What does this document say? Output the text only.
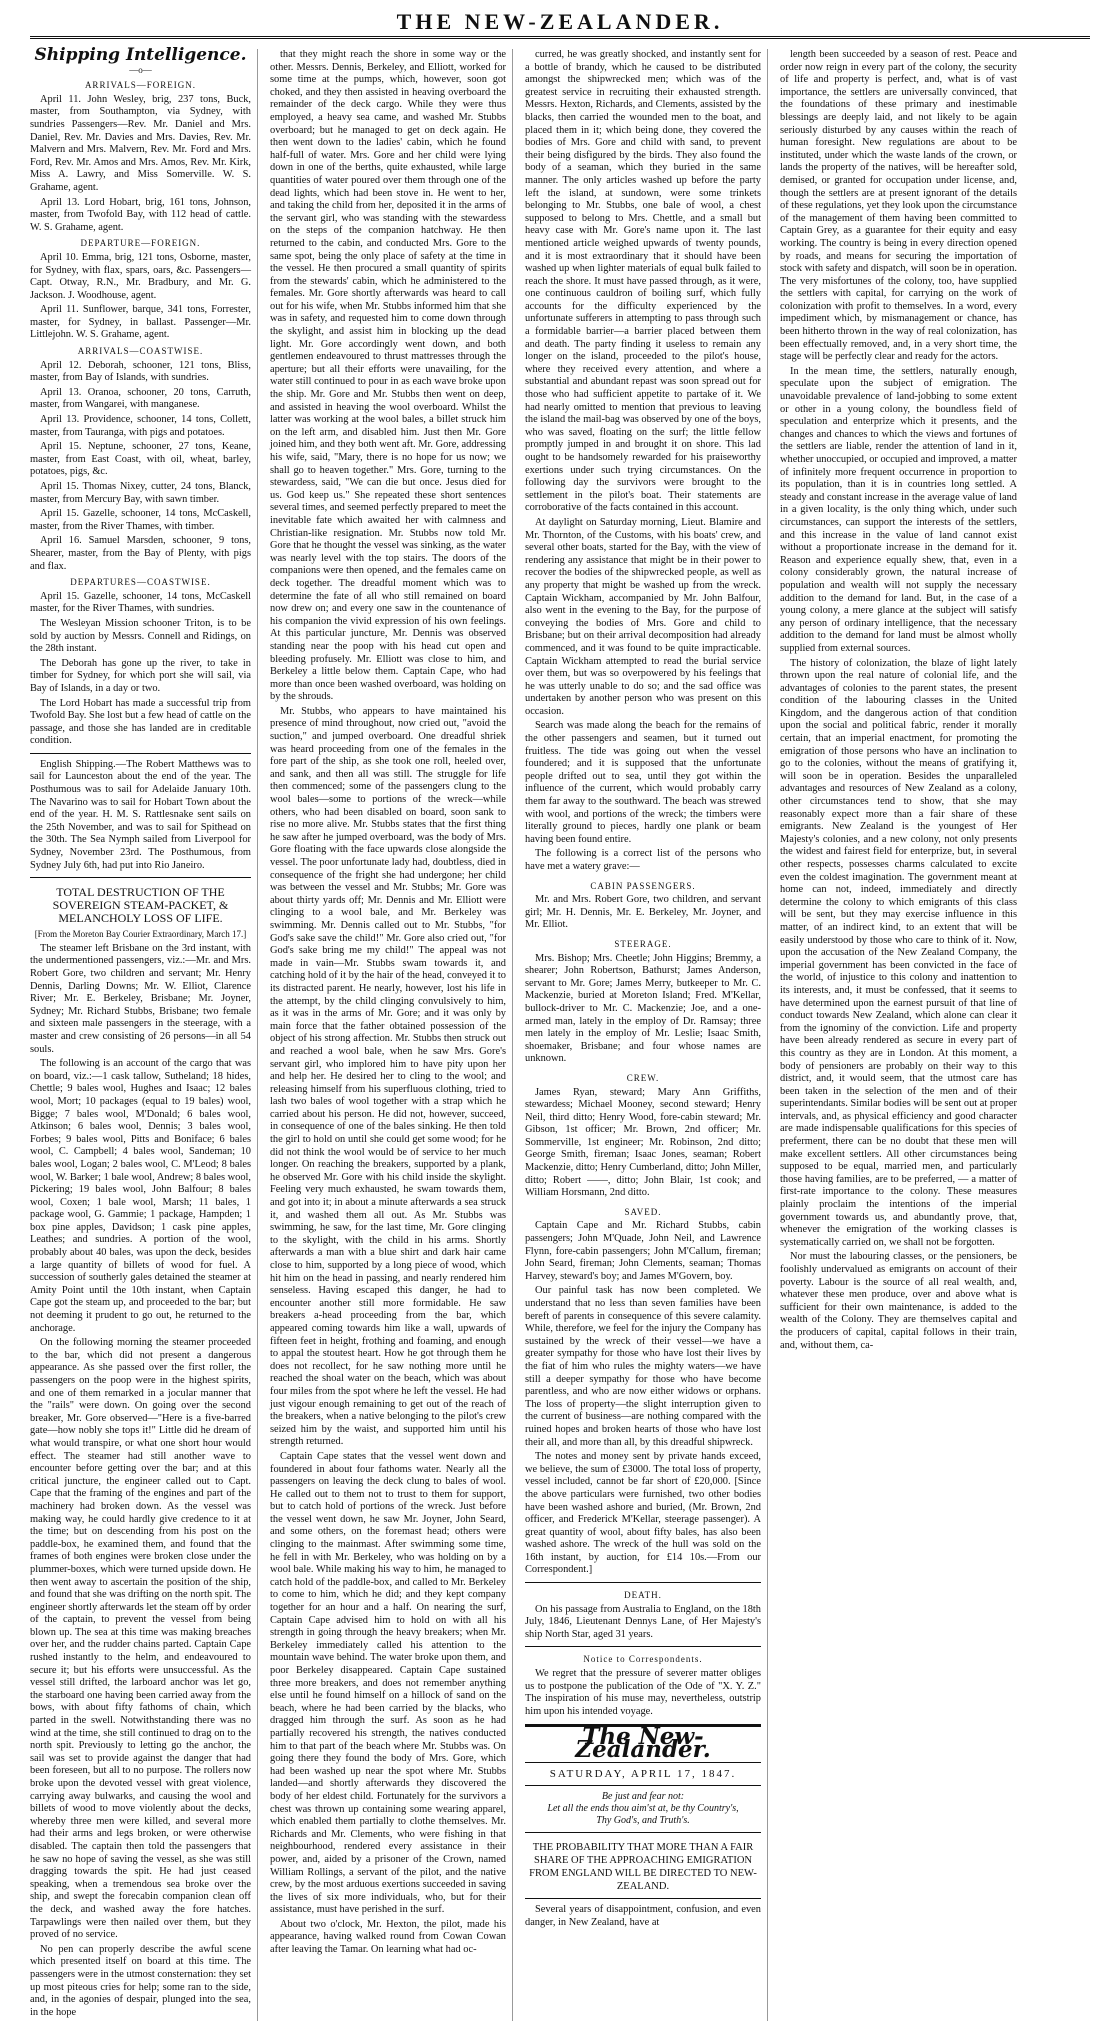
THE NEW-ZEALANDER.
Shipping Intelligence.
—o—
ARRIVALS—FOREIGN.

April 11. John Wesley, brig, 237 tons, Buck, master, from Southampton, via Sydney, with sundries Passengers—Rev. Mr. Daniel and Mrs. Daniel, Rev. Mr. Davies and Mrs. Davies, Rev. Mr. Malvern and Mrs. Malvern, Rev. Mr. Ford and Mrs. Ford, Rev. Mr. Amos and Mrs. Amos, Rev. Mr. Kirk, Miss A. Lawry, and Miss Somerville. W. S. Grahame, agent.

April 13. Lord Hobart, brig, 161 tons, Johnson, master, from Twofold Bay, with 112 head of cattle. W. S. Grahame, agent.

DEPARTURE—FOREIGN.

April 10. Emma, brig, 121 tons, Osborne, master, for Sydney, with flax, spars, oars, &c. Passengers—Capt. Otway, R.N., Mr. Bradbury, and Mr. G. Jackson. J. Woodhouse, agent.

April 11. Sunflower, barque, 341 tons, Forrester, master, for Sydney, in ballast. Passenger—Mr. Littlejohn. W. S. Grahame, agent.

ARRIVALS—COASTWISE.

April 12. Deborah, schooner, 121 tons, Bliss, master, from Bay of Islands, with sundries.

April 13. Oranoa, schooner, 20 tons, Carruth, master, from Wangarei, with manganese.

April 13. Providence, schooner, 14 tons, Collett, master, from Tauranga, with pigs and potatoes.

April 15. Neptune, schooner, 27 tons, Keane, master, from East Coast, with oil, wheat, barley, potatoes, pigs, &c.

April 15. Thomas Nixey, cutter, 24 tons, Blanck, master, from Mercury Bay, with sawn timber.

April 15. Gazelle, schooner, 14 tons, McCaskell, master, from the River Thames, with timber.

April 16. Samuel Marsden, schooner, 9 tons, Shearer, master, from the Bay of Plenty, with pigs and flax.

DEPARTURES—COASTWISE.

April 15. Gazelle, schooner, 14 tons, McCaskell master, for the River Thames, with sundries.

The Wesleyan Mission schooner Triton, is to be sold by auction by Messrs. Connell and Ridings, on the 28th instant.

The Deborah has gone up the river, to take in timber for Sydney, for which port she will sail, via Bay of Islands, in a day or two.

The Lord Hobart has made a successful trip from Twofold Bay. She lost but a few head of cattle on the passage, and those she has landed are in creditable condition.

English Shipping.—The Robert Matthews was to sail for Launceston about the end of the year. The Posthumous was to sail for Adelaide January 10th. The Navarino was to sail for Hobart Town about the end of the year. H. M. S. Rattlesnake sent sails on the 25th November, and was to sail for Spithead on the 30th. The Sea Nymph sailed from Liverpool for Sydney, November 23rd. The Posthumous, from Sydney July 6th, had put into Rio Janeiro.

TOTAL DESTRUCTION OF THE SOVEREIGN STEAM-PACKET, & MELANCHOLY LOSS OF LIFE.
[From the Moreton Bay Courier Extraordinary, March 17.]

The steamer left Brisbane on the 3rd instant, with the undermentioned passengers, viz.:—Mr. and Mrs. Robert Gore, two children and servant; Mr. Henry Dennis, Darling Downs; Mr. W. Elliot, Clarence River; Mr. E. Berkeley, Brisbane; Mr. Joyner, Sydney; Mr. Richard Stubbs, Brisbane; two female and sixteen male passengers in the steerage, with a master and crew consisting of 26 persons—in all 54 souls.

The following is an account of the cargo that was on board, viz.:—1 cask tallow, Sutheland; 18 hides, Chettle; 9 bales wool, Hughes and Isaac; 12 bales wool, Mort; 10 packages (equal to 19 bales) wool, Bigge; 7 bales wool, M'Donald; 6 bales wool, Atkinson; 6 bales wool, Dennis; 3 bales wool, Forbes; 9 bales wool, Pitts and Boniface; 6 bales wool, C. Campbell; 4 bales wool, Sandeman; 10 bales wool, Logan; 2 bales wool, C. M'Leod; 8 bales wool, W. Barker; 1 bale wool, Andrew; 8 bales wool, Pickering; 19 bales wool, John Balfour; 8 bales wool, Coxen; 1 bale wool, Marsh; 11 bales, 1 package wool, G. Gammie; 1 package, Hampden; 1 box pine apples, Davidson; 1 cask pine apples, Leathes; and sundries. A portion of the wool, probably about 40 bales, was upon the deck, besides a large quantity of billets of wood for fuel. A succession of southerly gales detained the steamer at Amity Point until the 10th instant, when Captain Cape got the steam up, and proceeded to the bar; but not deeming it prudent to go out, he returned to the anchorage.

On the following morning the steamer proceeded to the bar, which did not present a dangerous appearance. As she passed over the first roller, the passengers on the poop were in the highest spirits, and one of them remarked in a jocular manner that the "rails" were down. On going over the second breaker, Mr. Gore observed—"Here is a five-barred gate—how nobly she tops it!" Little did he dream of what would transpire, or what one short hour would effect. The steamer had still another wave to encounter before getting over the bar; and at this critical juncture, the engineer called out to Capt. Cape that the framing of the engines and part of the machinery had broken down. As the vessel was making way, he could hardly give credence to it at the time; but on descending from his post on the paddle-box, he examined them, and found that the frames of both engines were broken close under the plummer-boxes, which were turned upside down. He then went away to ascertain the position of the ship, and found that she was drifting on the north spit. The engineer shortly afterwards let the steam off by order of the captain, to prevent the vessel from being blown up. The sea at this time was making breaches over her, and the rudder chains parted. Captain Cape rushed instantly to the helm, and endeavoured to secure it; but his efforts were unsuccessful. As the vessel still drifted, the larboard anchor was let go, the starboard one having been carried away from the bows, with about fifty fathoms of chain, which parted in the swell. Notwithstanding there was no wind at the time, she still continued to drag on to the north spit. Previously to letting go the anchor, the sail was set to provide against the danger that had been foreseen, but all to no purpose. The rollers now broke upon the devoted vessel with great violence, carrying away bulwarks, and causing the wool and billets of wood to move violently about the decks, whereby three men were killed, and several more had their arms and legs broken, or were otherwise disabled. The captain then told the passengers that he saw no hope of saving the vessel, as she was still dragging towards the spit. He had just ceased speaking, when a tremendous sea broke over the ship, and swept the forecabin companion clean off the deck, and washed away the fore hatches. Tarpawlings were then nailed over them, but they proved of no service.

No pen can properly describe the awful scene which presented itself on board at this time. The passengers were in the utmost consternation: they set up most piteous cries for help; some ran to the side, and, in the agonies of despair, plunged into the sea, in the hope

that they might reach the shore in some way or the other. Messrs. Dennis, Berkeley, and Elliott, worked for some time at the pumps, which, however, soon got choked, and they then assisted in heaving overboard the remainder of the deck cargo. While they were thus employed, a heavy sea came, and washed Mr. Stubbs overboard; but he managed to get on deck again. He then went down to the ladies' cabin, which he found half-full of water. Mrs. Gore and her child were lying down in one of the berths, quite exhausted, while large quantities of water poured over them through one of the dead lights, which had been stove in. He went to her, and taking the child from her, deposited it in the arms of the servant girl, who was standing with the stewardess on the steps of the companion hatchway. He then returned to the cabin, and conducted Mrs. Gore to the same spot, being the only place of safety at the time in the vessel. He then procured a small quantity of spirits from the stewards' cabin, which he administered to the females. Mr. Gore shortly afterwards was heard to call out for his wife, when Mr. Stubbs informed him that she was in safety, and requested him to come down through the skylight, and assist him in blocking up the dead light. Mr. Gore accordingly went down, and both gentlemen endeavoured to thrust mattresses through the aperture; but all their efforts were unavailing, for the water still continued to pour in as each wave broke upon the ship. Mr. Gore and Mr. Stubbs then went on deep, and assisted in heaving the wool overboard. Whilst the latter was working at the wool bales, a billet struck him on the left arm, and disabled him. Just then Mr. Gore joined him, and they both went aft. Mr. Gore, addressing his wife, said, "Mary, there is no hope for us now; we shall go to heaven together." Mrs. Gore, turning to the stewardess, said, "We can die but once. Jesus died for us. God keep us." She repeated these short sentences several times, and seemed perfectly prepared to meet the inevitable fate which awaited her with calmness and Christian-like resignation. Mr. Stubbs now told Mr. Gore that he thought the vessel was sinking, as the water was nearly level with the top stairs. The doors of the companions were then opened, and the females came on deck together. The dreadful moment which was to determine the fate of all who still remained on board now drew on; and every one saw in the countenance of his companion the vivid expression of his own feelings. At this particular juncture, Mr. Dennis was observed standing near the poop with his head cut open and bleeding profusely. Mr. Elliott was close to him, and Berkeley a little below them. Captain Cape, who had more than once been washed overboard, was holding on by the shrouds.

Mr. Stubbs, who appears to have maintained his presence of mind throughout, now cried out, "avoid the suction," and jumped overboard. One dreadful shriek was heard proceeding from one of the females in the fore part of the ship, as she took one roll, heeled over, and sank, and then all was still. The struggle for life then commenced; some of the passengers clung to the wool bales—some to portions of the wreck—while others, who had been disabled on board, soon sank to rise no more alive. Mr. Stubbs states that the first thing he saw after he jumped overboard, was the body of Mrs. Gore floating with the face upwards close alongside the vessel. The poor unfortunate lady had, doubtless, died in consequence of the fright she had undergone; her child was between the vessel and Mr. Stubbs; Mr. Gore was about thirty yards off; Mr. Dennis and Mr. Elliott were clinging to a wool bale, and Mr. Berkeley was swimming. Mr. Dennis called out to Mr. Stubbs, "for God's sake save the child!" Mr. Gore also cried out, "for God's sake bring me my child!" The appeal was not made in vain—Mr. Stubbs swam towards it, and catching hold of it by the hair of the head, conveyed it to its distracted parent. He nearly, however, lost his life in the attempt, by the child clinging convulsively to him, as it was in the arms of Mr. Gore; and it was only by main force that the father obtained possession of the object of his strong affection. Mr. Stubbs then struck out and reached a wool bale, when he saw Mrs. Gore's servant girl, who implored him to have pity upon her and help her. He desired her to cling to the wool; and releasing himself from his superfluous clothing, tried to lash two bales of wool together with a strap which he carried about his person. He did not, however, succeed, in consequence of one of the bales sinking. He then told the girl to hold on until she could get some wood; for he did not think the wool would be of service to her much longer. On reaching the breakers, supported by a plank, he observed Mr. Gore with his child inside the skylight. Feeling very much exhausted, he swam towards them, and got into it; in about a minute afterwards a sea struck it, and washed them all out. As Mr. Stubbs was swimming, he saw, for the last time, Mr. Gore clinging to the skylight, with the child in his arms. Shortly afterwards a man with a blue shirt and dark hair came close to him, supported by a long piece of wood, which hit him on the head in passing, and nearly rendered him senseless. Having escaped this danger, he had to encounter another still more formidable. He saw breakers a-head proceeding from the bar, which appeared coming towards him like a wall, upwards of fifteen feet in height, frothing and foaming, and enough to appal the stoutest heart. How he got through them he does not recollect, for he saw nothing more until he reached the shoal water on the beach, which was about four miles from the spot where he left the vessel. He had just vigour enough remaining to get out of the reach of the breakers, when a native belonging to the pilot's crew seized him by the waist, and supported him until his strength returned.

Captain Cape states that the vessel went down and foundered in about four fathoms water. Nearly all the passengers on leaving the deck clung to bales of wool. He called out to them not to trust to them for support, but to catch hold of portions of the wreck. Just before the vessel went down, he saw Mr. Joyner, John Seard, and some others, on the foremast head; others were clinging to the mainmast. After swimming some time, he fell in with Mr. Berkeley, who was holding on by a wool bale. While making his way to him, he managed to catch hold of the paddle-box, and called to Mr. Berkeley to come to him, which he did; and they kept company together for an hour and a half. On nearing the surf, Captain Cape advised him to hold on with all his strength in going through the heavy breakers; when Mr. Berkeley immediately called his attention to the mountain wave behind. The water broke upon them, and poor Berkeley disappeared. Captain Cape sustained three more breakers, and does not remember anything else until he found himself on a hillock of sand on the beach, where he had been carried by the blacks, who dragged him through the surf. As soon as he had partially recovered his strength, the natives conducted him to that part of the beach where Mr. Stubbs was. On going there they found the body of Mrs. Gore, which had been washed up near the spot where Mr. Stubbs landed—and shortly afterwards they discovered the body of her eldest child. Fortunately for the survivors a chest was thrown up containing some wearing apparel, which enabled them partially to clothe themselves. Mr. Richards and Mr. Clements, who were fishing in that neighbourhood, rendered every assistance in their power, and, aided by a prisoner of the Crown, named William Rollings, a servant of the pilot, and the native crew, by the most arduous exertions succeeded in saving the lives of six more individuals, who, but for their assistance, must have perished in the surf.

About two o'clock, Mr. Hexton, the pilot, made his appearance, having walked round from Cowan Cowan after leaving the Tamar. On learning what had oc-

curred, he was greatly shocked, and instantly sent for a bottle of brandy, which he caused to be distributed amongst the shipwrecked men; which was of the greatest service in recruiting their exhausted strength. Messrs. Hexton, Richards, and Clements, assisted by the blacks, then carried the wounded men to the boat, and placed them in it; which being done, they covered the bodies of Mrs. Gore and child with sand, to prevent their being disfigured by the birds. They also found the body of a seaman, which they buried in the same manner. The only articles washed up before the party left the island, at sundown, were some trinkets belonging to Mr. Stubbs, one bale of wool, a chest supposed to belong to Mrs. Chettle, and a small but heavy case with Mr. Gore's name upon it. The last mentioned article weighed upwards of twenty pounds, and it is most extraordinary that it should have been washed up when lighter materials of equal bulk failed to reach the shore. It must have passed through, as it were, one continuous cauldron of boiling surf, which fully accounts for the difficulty experienced by the unfortunate sufferers in attempting to pass through such a formidable barrier—a barrier placed between them and death. The party finding it useless to remain any longer on the island, proceeded to the pilot's house, where they received every attention, and where a substantial and abundant repast was soon spread out for those who had sufficient appetite to partake of it. We had nearly omitted to mention that previous to leaving the island the mail-bag was observed by one of the boys, who was saved, floating on the surf; the little fellow promptly jumped in and brought it on shore. This lad ought to be handsomely rewarded for his praiseworthy exertions under such trying circumstances. On the following day the survivors were brought to the settlement in the pilot's boat. Their statements are corroborative of the facts contained in this account.

At daylight on Saturday morning, Lieut. Blamire and Mr. Thornton, of the Customs, with his boats' crew, and several other boats, started for the Bay, with the view of rendering any assistance that might be in their power to recover the bodies of the shipwrecked people, as well as any property that might be washed up from the wreck. Captain Wickham, accompanied by Mr. John Balfour, also went in the evening to the Bay, for the purpose of conveying the bodies of Mrs. Gore and child to Brisbane; but on their arrival decomposition had already commenced, and it was found to be quite impracticable. Captain Wickham attempted to read the burial service over them, but was so overpowered by his feelings that he was utterly unable to do so; and the sad office was undertaken by another person who was present on this occasion.

Search was made along the beach for the remains of the other passengers and seamen, but it turned out fruitless. The tide was going out when the vessel foundered; and it is supposed that the unfortunate people drifted out to sea, until they got within the influence of the current, which would probably carry them far away to the southward. The beach was strewed with wool, and portions of the wreck; the timbers were literally ground to pieces, hardly one plank or beam having been found entire.

The following is a correct list of the persons who have met a watery grave:—

CABIN PASSENGERS.

Mr. and Mrs. Robert Gore, two children, and servant girl; Mr. H. Dennis, Mr. E. Berkeley, Mr. Joyner, and Mr. Elliot.

STEERAGE.

Mrs. Bishop; Mrs. Cheetle; John Higgins; Bremmy, a shearer; John Robertson, Bathurst; James Anderson, servant to Mr. Gore; James Merry, butkeeper to Mr. C. Mackenzie, buried at Moreton Island; Fred. M'Kellar, bullock-driver to Mr. C. Mackenzie; Joe, and a one-armed man, lately in the employ of Dr. Ramsay; three men lately in the employ of Mr. Leslie; Isaac Smith, shoemaker, Brisbane; and four whose names are unknown.

CREW.

James Ryan, steward; Mary Ann Griffiths, stewardess; Michael Mooney, second steward; Henry Neil, third ditto; Henry Wood, fore-cabin steward; Mr. Gibson, 1st officer; Mr. Brown, 2nd officer; Mr. Sommerville, 1st engineer; Mr. Robinson, 2nd ditto; George Smith, fireman; Isaac Jones, seaman; Robert Mackenzie, ditto; Henry Cumberland, ditto; John Miller, ditto; Robert ——, ditto; John Blair, 1st cook; and William Horsmann, 2nd ditto.

SAVED.

Captain Cape and Mr. Richard Stubbs, cabin passengers; John M'Quade, John Neil, and Lawrence Flynn, fore-cabin passengers; John M'Callum, fireman; John Seard, fireman; John Clements, seaman; Thomas Harvey, steward's boy; and James M'Govern, boy.

Our painful task has now been completed. We understand that no less than seven families have been bereft of parents in consequence of this severe calamity. While, therefore, we feel for the injury the Company has sustained by the wreck of their vessel—we have a greater sympathy for those who have lost their lives by the fiat of him who rules the mighty waters—we have still a deeper sympathy for those who have become parentless, and who are now either widows or orphans. The loss of property—the slight interruption given to the current of business—are nothing compared with the ruined hopes and broken hearts of those who have lost their all, and more than all, by this dreadful shipwreck.

The notes and money sent by private hands exceed, we believe, the sum of £3000. The total loss of property, vessel included, cannot be far short of £20,000. [Since the above particulars were furnished, two other bodies have been washed ashore and buried, (Mr. Brown, 2nd officer, and Frederick M'Kellar, steerage passenger). A great quantity of wool, about fifty bales, has also been washed ashore. The wreck of the hull was sold on the 16th instant, by auction, for £14 10s.—From our Correspondent.]

DEATH.

On his passage from Australia to England, on the 18th July, 1846, Lieutenant Dennys Lane, of Her Majesty's ship North Star, aged 31 years.

Notice to Correspondents.

We regret that the pressure of severer matter obliges us to postpone the publication of the Ode of "X. Y. Z." The inspiration of his muse may, nevertheless, outstrip him upon his intended voyage.

The New-Zealander.
SATURDAY, APRIL 17, 1847.
Be just and fear not:
Let all the ends thou aim'st at, be thy Country's,
Thy God's, and Truth's.
THE PROBABILITY THAT MORE THAN A FAIR SHARE OF THE APPROACHING EMIGRATION FROM ENGLAND WILL BE DIRECTED TO NEW-ZEALAND.

Several years of disappointment, confusion, and even danger, in New Zealand, have at

length been succeeded by a season of rest. Peace and order now reign in every part of the colony, the security of life and property is perfect, and, what is of vast importance, the settlers are universally convinced, that the foundations of these primary and inestimable blessings are deeply laid, and not likely to be again seriously disturbed by any causes within the reach of human foresight. New regulations are about to be instituted, under which the waste lands of the crown, or lands the property of the natives, will be hereafter sold, demised, or granted for occupation under license, and, though the settlers are at present ignorant of the details of these regulations, yet they look upon the circumstance of the management of them having been committed to Captain Grey, as a guarantee for their equity and easy working. The country is being in every direction opened by roads, and means for securing the importation of stock with safety and dispatch, will soon be in operation. The very misfortunes of the colony, too, have supplied the settlers with capital, for carrying on the work of colonization with profit to themselves. In a word, every impediment which, by mismanagement or chance, has been hitherto thrown in the way of real colonization, has been effectually removed, and, in a very short time, the stage will be perfectly clear and ready for the actors.

In the mean time, the settlers, naturally enough, speculate upon the subject of emigration. The unavoidable prevalence of land-jobbing to some extent or other in a young colony, the boundless field of speculation and enterprize which it presents, and the changes and chances to which the views and fortunes of the settlers are liable, render the attention of land in it, whether unoccupied, or occupied and improved, a matter of infinitely more frequent occurrence in proportion to its population, than it is in countries long settled. A steady and constant increase in the average value of land in a given locality, is the only thing which, under such circumstances, can support the interests of the settlers, and this increase in the value of land cannot exist without a proportionate increase in the demand for it. Reason and experience equally shew, that, even in a colony considerably grown, the natural increase of population and wealth will not supply the necessary addition to the demand for land. But, in the case of a young colony, a mere glance at the subject will satisfy any person of ordinary intelligence, that the necessary addition to the demand for land must be almost wholly supplied from external sources.

The history of colonization, the blaze of light lately thrown upon the real nature of colonial life, and the advantages of colonies to the parent states, the present condition of the labouring classes in the United Kingdom, and the dangerous action of that condition upon the social and political fabric, render it morally certain, that an imperial enactment, for promoting the emigration of those persons who have an inclination to go to the colonies, without the means of gratifying it, will soon be in operation. Besides the unparalleled advantages and resources of New Zealand as a colony, other circumstances tend to show, that she may reasonably expect more than a fair share of these emigrants. New Zealand is the youngest of Her Majesty's colonies, and a new colony, not only presents the widest and fairest field for enterprize, but, in several other respects, possesses charms calculated to excite even the coldest imagination. The government meant at home can not, indeed, immediately and directly determine the colony to which emigrants of this class will be sent, but they may exercise influence in this matter, of an indirect kind, to an extent that will be easily understood by those who care to think of it. Now, upon the accusation of the New Zealand Company, the imperial government has been convicted in the face of the world, of injustice to this colony and inattention to its interests, and, it must be confessed, that it seems to have determined upon the earnest pursuit of that line of conduct towards New Zealand, which alone can clear it from the ignominy of the conviction. Life and property have been already rendered as secure in every part of this country as they are in London. At this moment, a body of pensioners are probably on their way to this district, and, it would seem, that the utmost care has been taken in the selection of the men and of their superintendants. Similar bodies will be sent out at proper intervals, and, as physical efficiency and good character are made indispensable qualifications for this species of preferment, there can be no doubt that these men will make excellent settlers. All other circumstances being supposed to be equal, married men, and particularly those having families, are to be preferred, — a matter of first-rate importance to the colony. These measures plainly proclaim the intentions of the imperial government towards us, and abundantly prove, that, whenever the emigration of the working classes is systematically carried on, we shall not be forgotten.

Nor must the labouring classes, or the pensioners, be foolishly undervalued as emigrants on account of their poverty. Labour is the source of all real wealth, and, whatever these men produce, over and above what is sufficient for their own maintenance, is added to the wealth of the Colony. They are themselves capital and the producers of capital, capital follows in their train, and, without them, ca-
